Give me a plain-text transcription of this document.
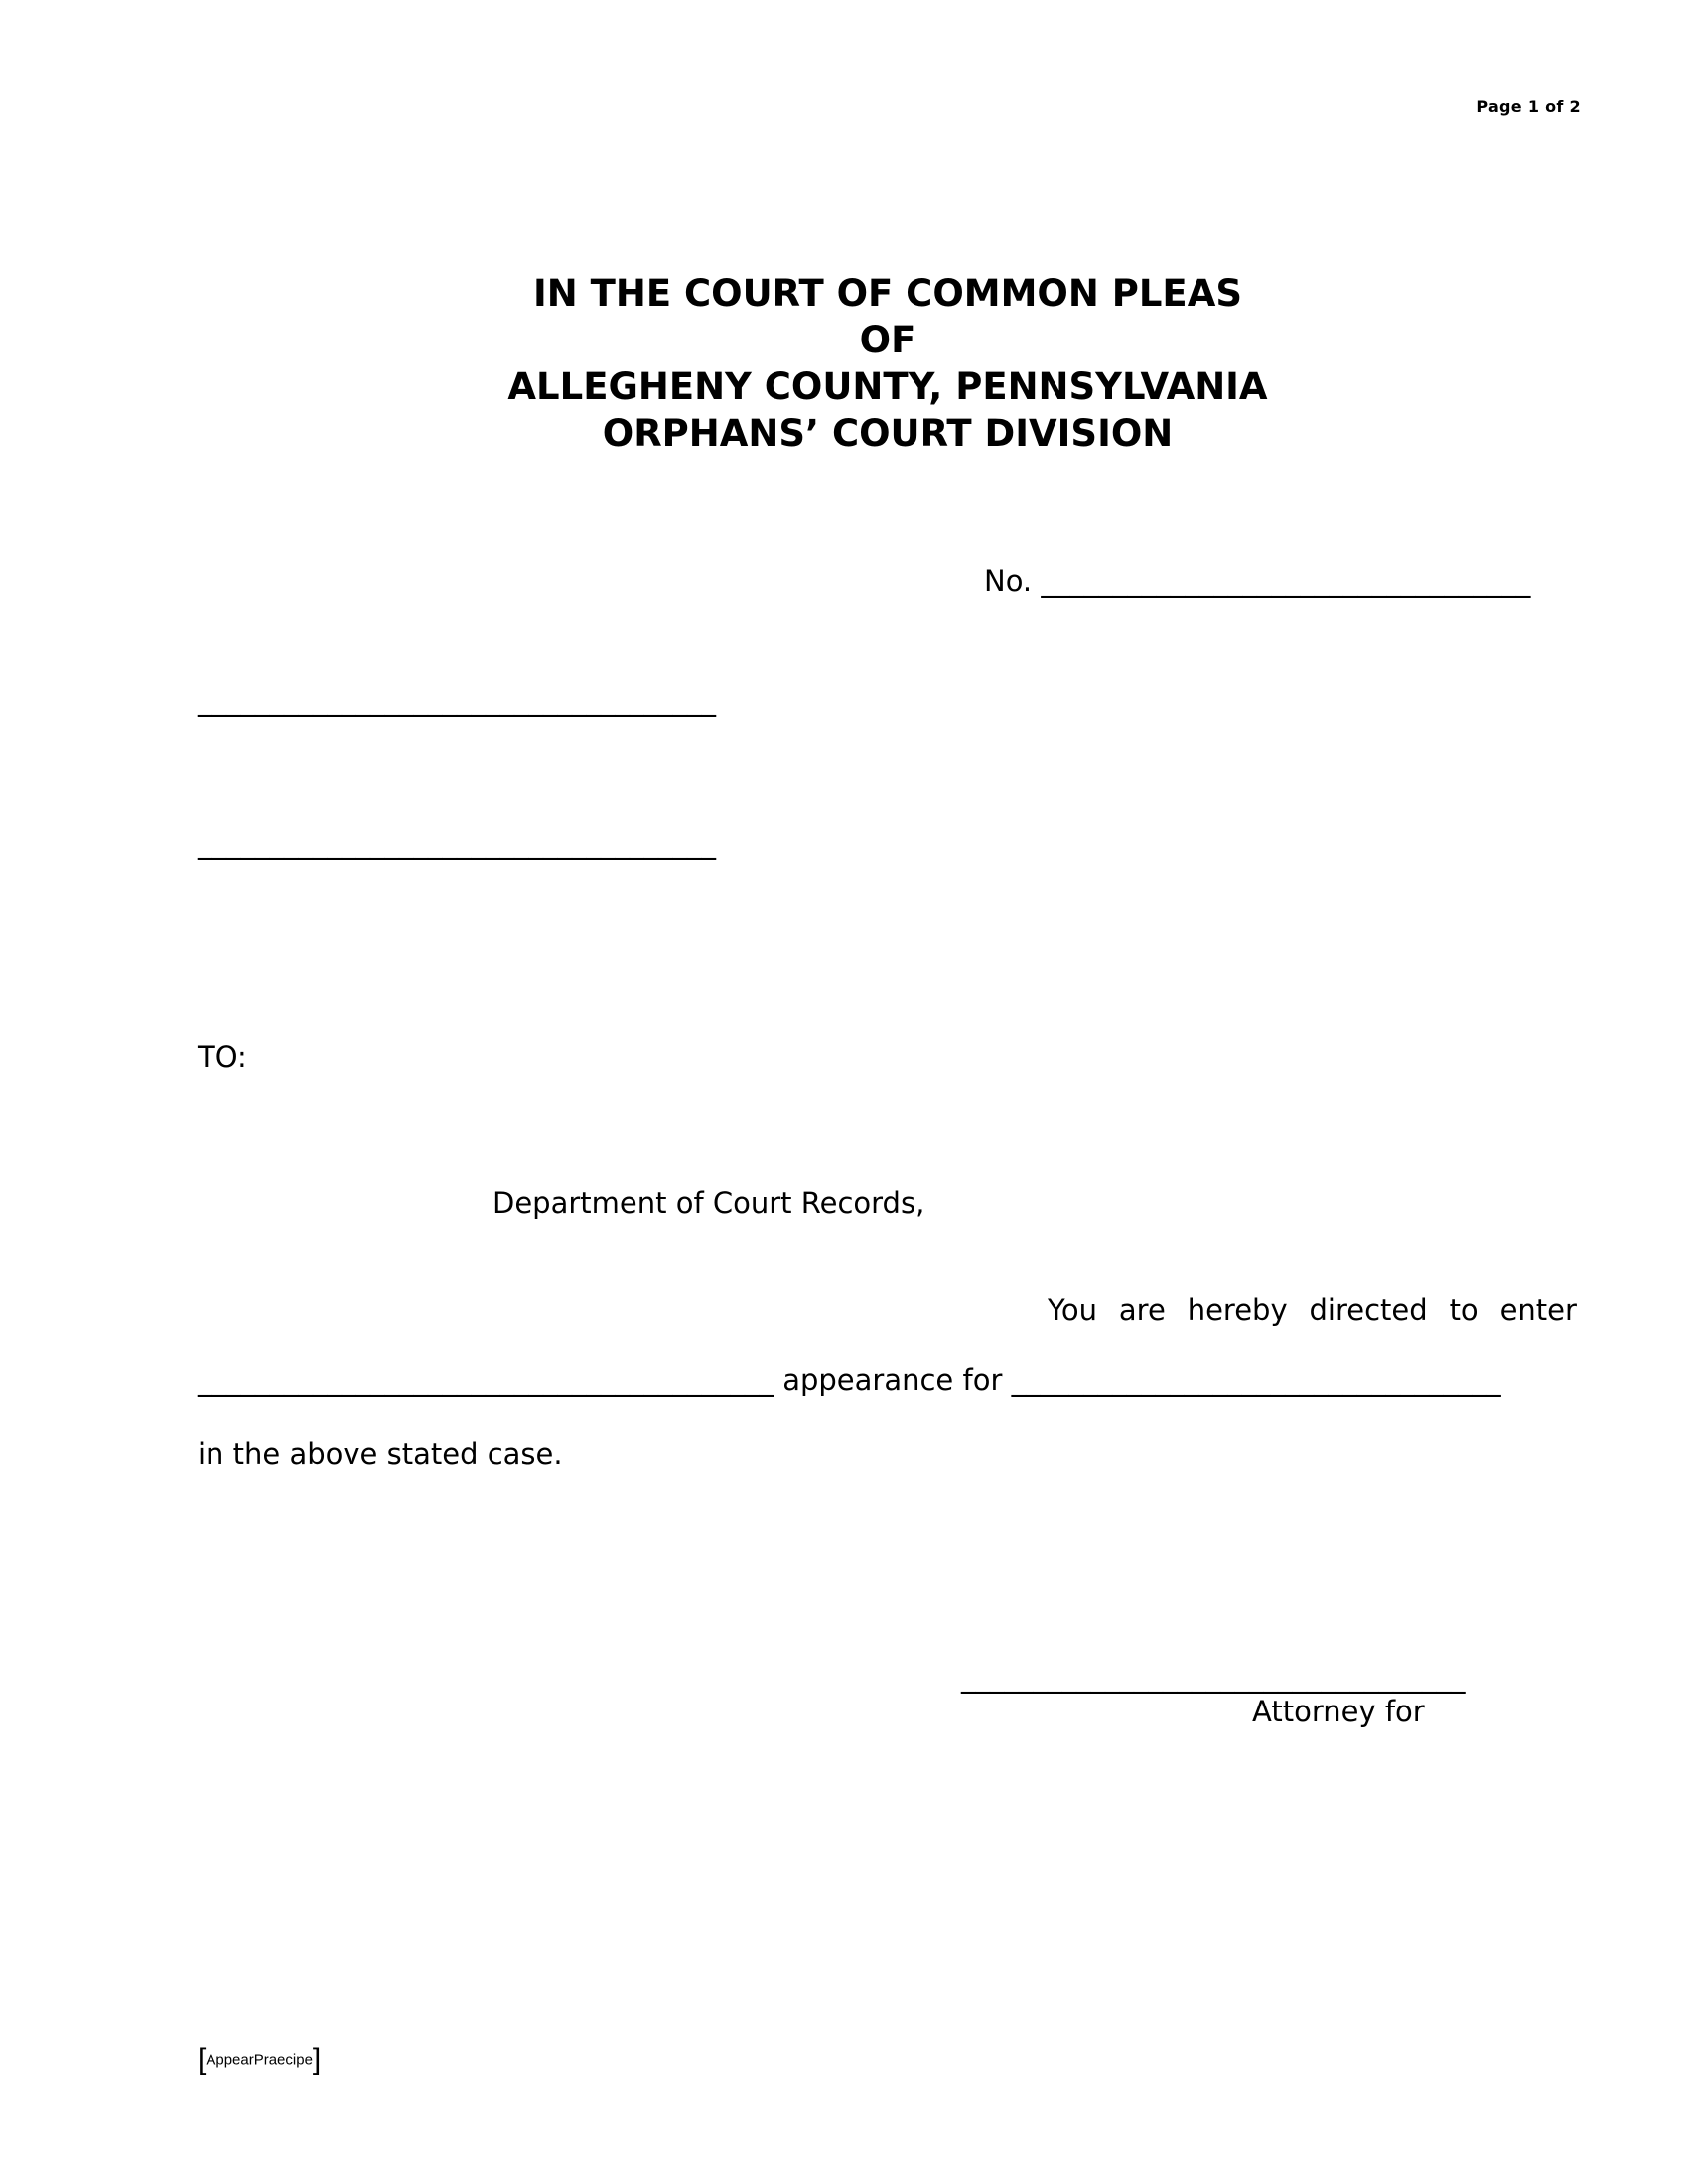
Page 1 of 2
IN THE COURT OF COMMON PLEAS
OF
ALLEGHENY COUNTY, PENNSYLVANIA
ORPHANS’ COURT DIVISION
No. __________________________________
____________________________________
____________________________________
TO:
Department of Court Records,
You are hereby directed to enter
________________________________________ appearance for __________________________________
in the above stated case.
___________________________________
Attorney for
[AppearPraecipe]
